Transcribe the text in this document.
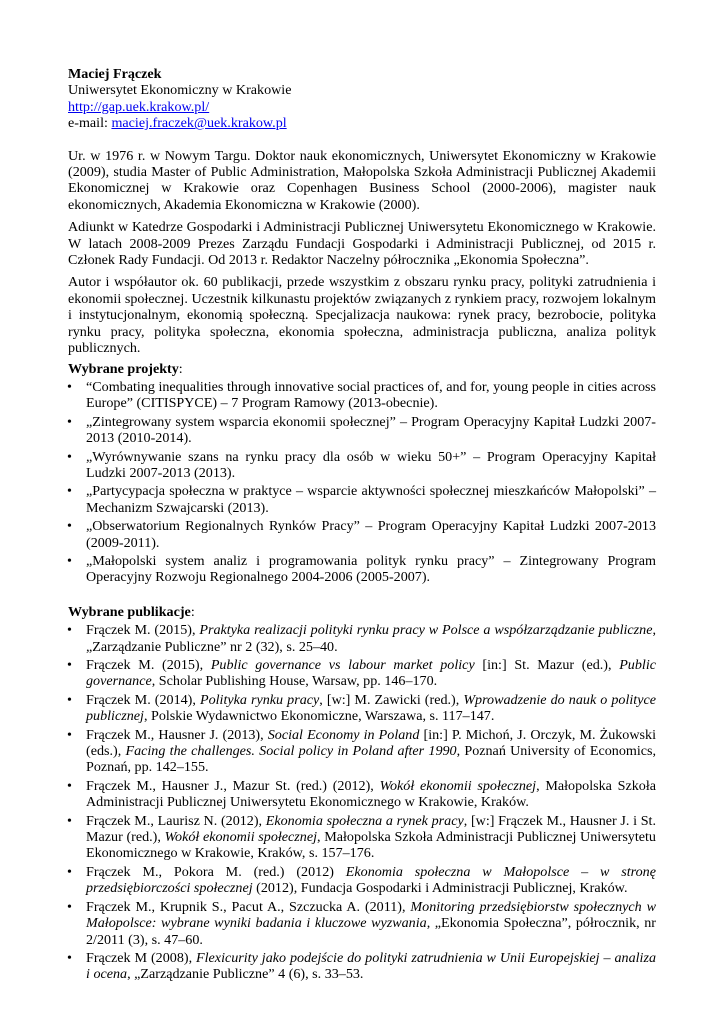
Maciej Frączek
Uniwersytet Ekonomiczny w Krakowie
http://gap.uek.krakow.pl/
e-mail: maciej.fraczek@uek.krakow.pl

Ur. w 1976 r. w Nowym Targu. Doktor nauk ekonomicznych, Uniwersytet Ekonomiczny w Krakowie (2009), studia Master of Public Administration, Małopolska Szkoła Administracji Publicznej Akademii Ekonomicznej w Krakowie oraz Copenhagen Business School (2000-2006), magister nauk ekonomicznych, Akademia Ekonomiczna w Krakowie (2000).

Adiunkt w Katedrze Gospodarki i Administracji Publicznej Uniwersytetu Ekonomicznego w Krakowie. W latach 2008-2009 Prezes Zarządu Fundacji Gospodarki i Administracji Publicznej, od 2015 r. Członek Rady Fundacji. Od 2013 r. Redaktor Naczelny półrocznika „Ekonomia Społeczna”.

Autor i współautor ok. 60 publikacji, przede wszystkim z obszaru rynku pracy, polityki zatrudnienia i ekonomii społecznej. Uczestnik kilkunastu projektów związanych z rynkiem pracy, rozwojem lokalnym i instytucjonalnym, ekonomią społeczną. Specjalizacja naukowa: rynek pracy, bezrobocie, polityka rynku pracy, polityka społeczna, ekonomia społeczna, administracja publiczna, analiza polityk publicznych.

Wybrane projekty:
• “Combating inequalities through innovative social practices of, and for, young people in cities across Europe” (CITISPYCE) – 7 Program Ramowy (2013-obecnie).
• „Zintegrowany system wsparcia ekonomii społecznej” – Program Operacyjny Kapitał Ludzki 2007-2013 (2010-2014).
• „Wyrównywanie szans na rynku pracy dla osób w wieku 50+” – Program Operacyjny Kapitał Ludzki 2007-2013 (2013).
• „Partycypacja społeczna w praktyce – wsparcie aktywności społecznej mieszkańców Małopolski” – Mechanizm Szwajcarski (2013).
• „Obserwatorium Regionalnych Rynków Pracy” – Program Operacyjny Kapitał Ludzki 2007-2013 (2009-2011).
• „Małopolski system analiz i programowania polityk rynku pracy” – Zintegrowany Program Operacyjny Rozwoju Regionalnego 2004-2006 (2005-2007).
Wybrane publikacje:
• Frączek M. (2015), Praktyka realizacji polityki rynku pracy w Polsce a współzarządzanie publiczne, „Zarządzanie Publiczne” nr 2 (32), s. 25–40.
• Frączek M. (2015), Public governance vs labour market policy [in:] St. Mazur (ed.), Public governance, Scholar Publishing House, Warsaw, pp. 146–170.
• Frączek M. (2014), Polityka rynku pracy, [w:] M. Zawicki (red.), Wprowadzenie do nauk o polityce publicznej, Polskie Wydawnictwo Ekonomiczne, Warszawa, s. 117–147.
• Frączek M., Hausner J. (2013), Social Economy in Poland [in:] P. Michoń, J. Orczyk, M. Żukowski (eds.), Facing the challenges. Social policy in Poland after 1990, Poznań University of Economics, Poznań, pp. 142–155.
• Frączek M., Hausner J., Mazur St. (red.) (2012), Wokół ekonomii społecznej, Małopolska Szkoła Administracji Publicznej Uniwersytetu Ekonomicznego w Krakowie, Kraków.
• Frączek M., Laurisz N. (2012), Ekonomia społeczna a rynek pracy, [w:] Frączek M., Hausner J. i St. Mazur (red.), Wokół ekonomii społecznej, Małopolska Szkoła Administracji Publicznej Uniwersytetu Ekonomicznego w Krakowie, Kraków, s. 157–176.
• Frączek M., Pokora M. (red.) (2012) Ekonomia społeczna w Małopolsce – w stronę przedsiębiorczości społecznej (2012), Fundacja Gospodarki i Administracji Publicznej, Kraków.
• Frączek M., Krupnik S., Pacut A., Szczucka A. (2011), Monitoring przedsiębiorstw społecznych w Małopolsce: wybrane wyniki badania i kluczowe wyzwania, „Ekonomia Społeczna”, półrocznik, nr 2/2011 (3), s. 47–60.
• Frączek M (2008), Flexicurity jako podejście do polityki zatrudnienia w Unii Europejskiej – analiza i ocena, „Zarządzanie Publiczne” 4 (6), s. 33–53.
